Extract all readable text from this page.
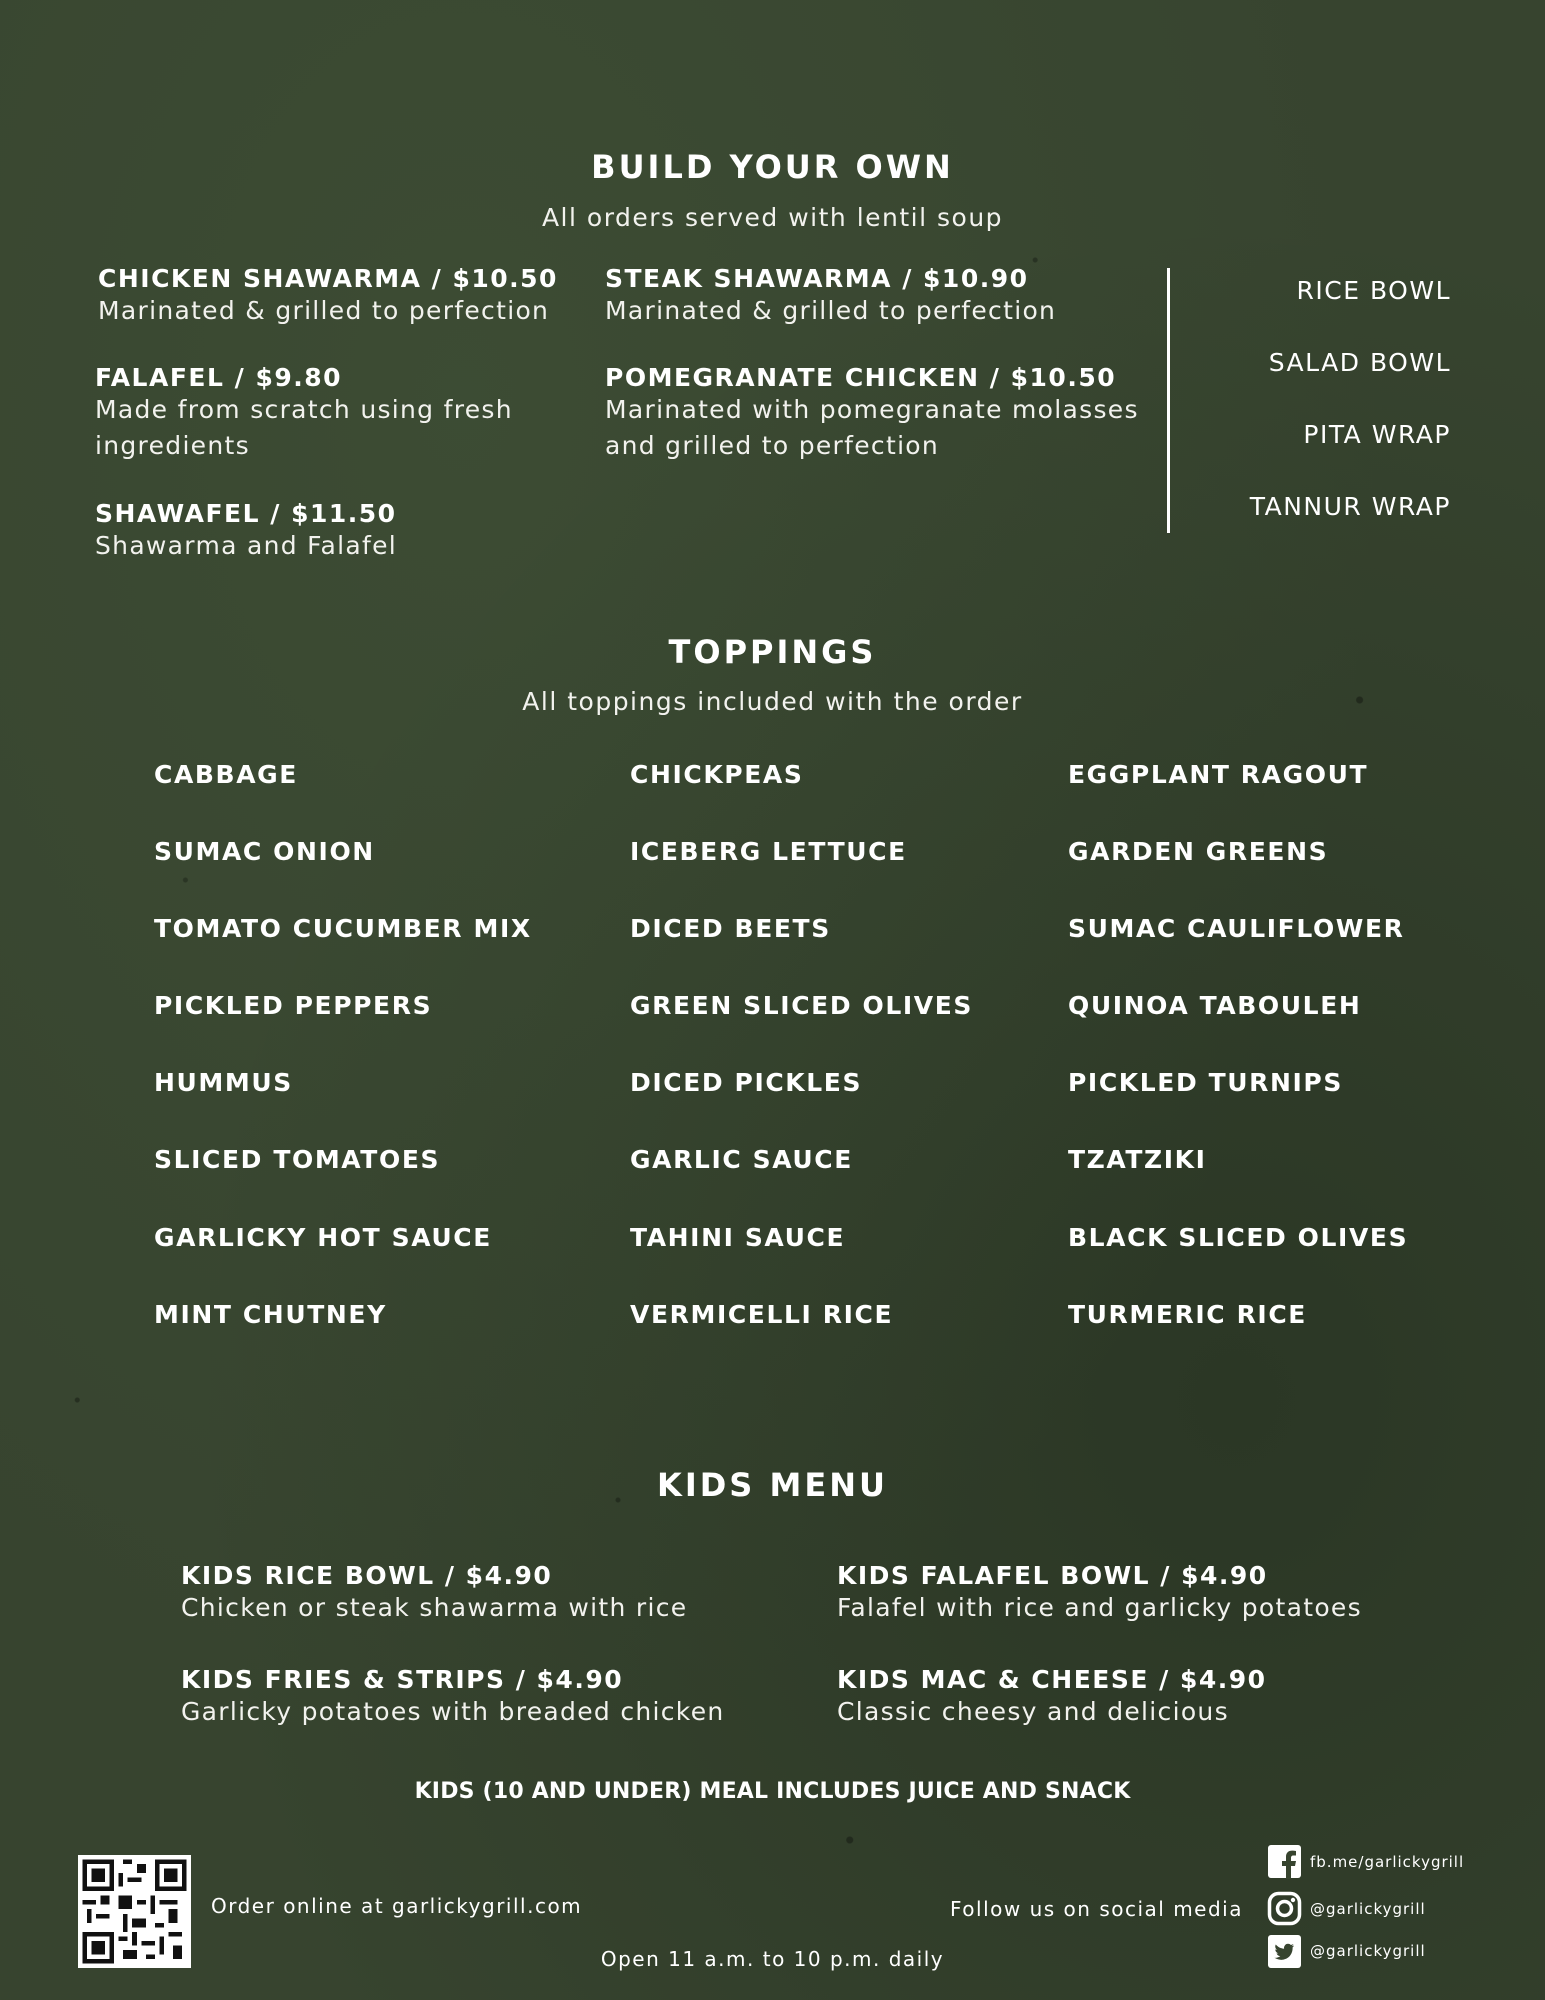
BUILD YOUR OWN
All orders served with lentil soup
CHICKEN SHAWARMA / $10.50
Marinated & grilled to perfection
STEAK SHAWARMA / $10.90
Marinated & grilled to perfection
FALAFEL / $9.80
Made from scratch using fresh ingredients
POMEGRANATE CHICKEN / $10.50
Marinated with pomegranate molasses and grilled to perfection
SHAWAFEL / $11.50
Shawarma and Falafel
RICE BOWL
SALAD BOWL
PITA WRAP
TANNUR WRAP
TOPPINGS
All toppings included with the order
CABBAGE
SUMAC ONION
TOMATO CUCUMBER MIX
PICKLED PEPPERS
HUMMUS
SLICED TOMATOES
GARLICKY HOT SAUCE
MINT CHUTNEY
CHICKPEAS
ICEBERG LETTUCE
DICED BEETS
GREEN SLICED OLIVES
DICED PICKLES
GARLIC SAUCE
TAHINI SAUCE
VERMICELLI RICE
EGGPLANT RAGOUT
GARDEN GREENS
SUMAC CAULIFLOWER
QUINOA TABOULEH
PICKLED TURNIPS
TZATZIKI
BLACK SLICED OLIVES
TURMERIC RICE
KIDS MENU
KIDS RICE BOWL / $4.90
Chicken or steak shawarma with rice
KIDS FALAFEL BOWL / $4.90
Falafel with rice and garlicky potatoes
KIDS FRIES & STRIPS / $4.90
Garlicky potatoes with breaded chicken
KIDS MAC & CHEESE / $4.90
Classic cheesy and delicious
KIDS (10 AND UNDER) MEAL INCLUDES JUICE AND SNACK
Order online at garlickygrill.com
Open 11 a.m. to 10 p.m. daily
Follow us on social media
fb.me/garlickygrill
@garlickygrill
@garlickygrill
